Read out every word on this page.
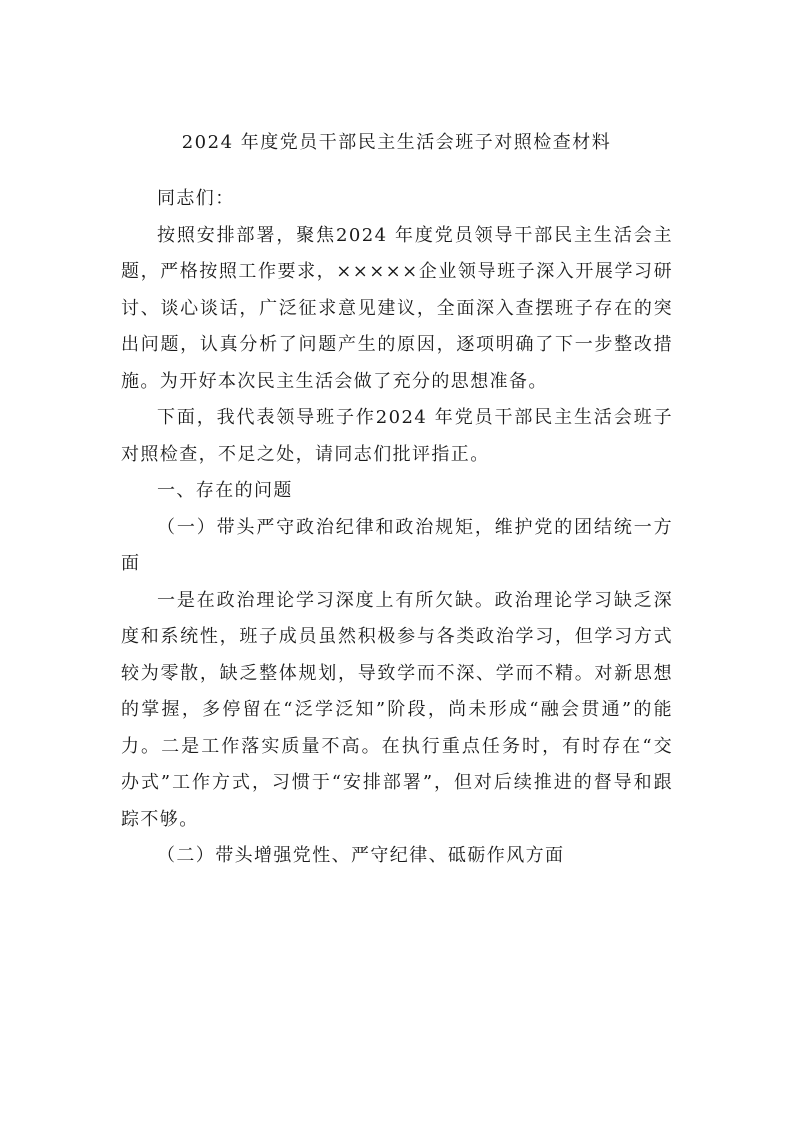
2024 年度党员干部民主生活会班子对照检查材料

同志们：

按照安排部署，聚焦2024 年度党员领导干部民主生活会主题，严格按照工作要求，×××××企业领导班子深入开展学习研讨、谈心谈话，广泛征求意见建议，全面深入查摆班子存在的突出问题，认真分析了问题产生的原因，逐项明确了下一步整改措施。为开好本次民主生活会做了充分的思想准备。

下面，我代表领导班子作2024 年党员干部民主生活会班子对照检查，不足之处，请同志们批评指正。

一、存在的问题

（一）带头严守政治纪律和政治规矩，维护党的团结统一方面

一是在政治理论学习深度上有所欠缺。政治理论学习缺乏深度和系统性，班子成员虽然积极参与各类政治学习，但学习方式较为零散，缺乏整体规划，导致学而不深、学而不精。对新思想的掌握，多停留在“泛学泛知”阶段，尚未形成“融会贯通”的能力。二是工作落实质量不高。在执行重点任务时，有时存在“交办式”工作方式，习惯于“安排部署”，但对后续推进的督导和跟踪不够。

（二）带头增强党性、严守纪律、砥砺作风方面
